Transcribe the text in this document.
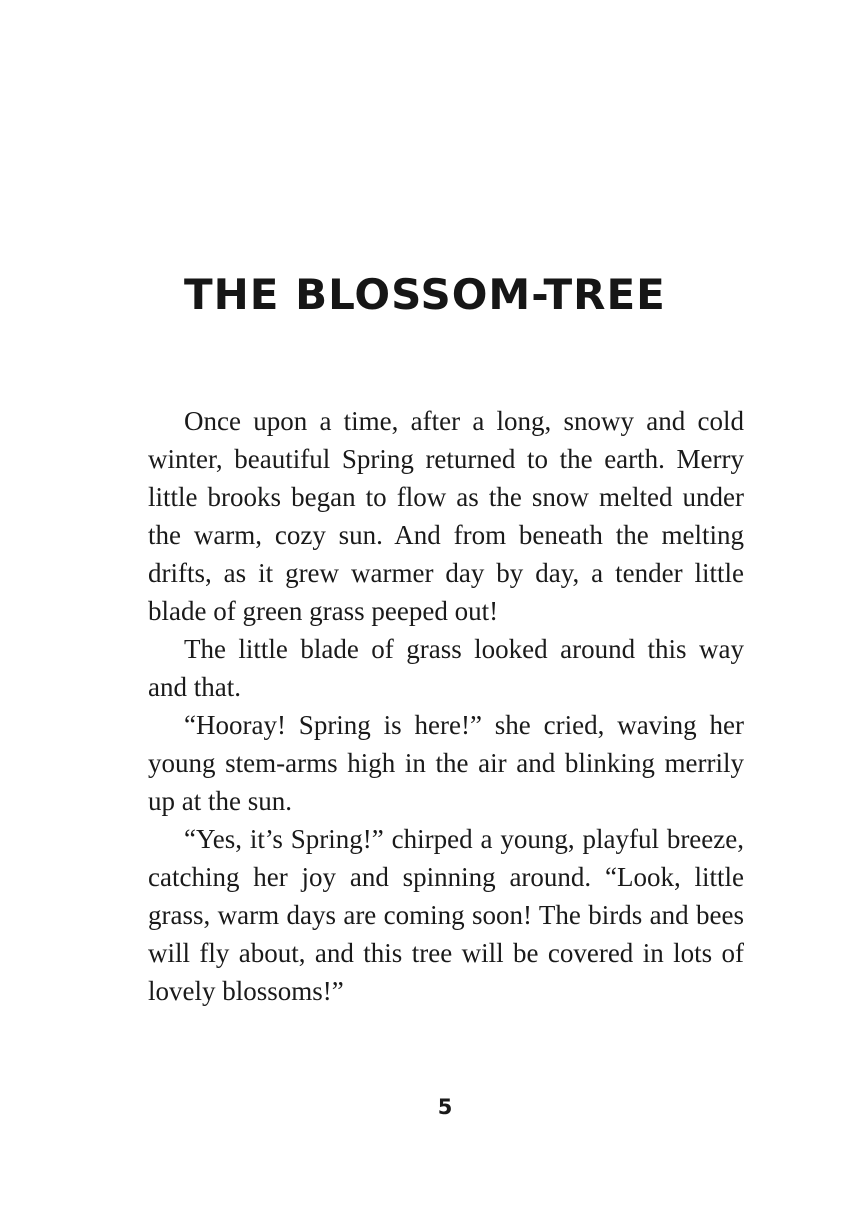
THE BLOSSOM-TREE

Once upon a time, after a long, snowy and cold winter, beautiful Spring returned to the earth. Merry little brooks began to flow as the snow melted under the warm, cozy sun. And from beneath the melting drifts, as it grew warmer day by day, a tender little blade of green grass peeped out!

The little blade of grass looked around this way and that.

“Hooray! Spring is here!” she cried, waving her young stem-arms high in the air and blinking merrily up at the sun.

“Yes, it’s Spring!” chirped a young, playful breeze, catching her joy and spinning around. “Look, little grass, warm days are coming soon! The birds and bees will fly about, and this tree will be covered in lots of lovely blossoms!”

5
